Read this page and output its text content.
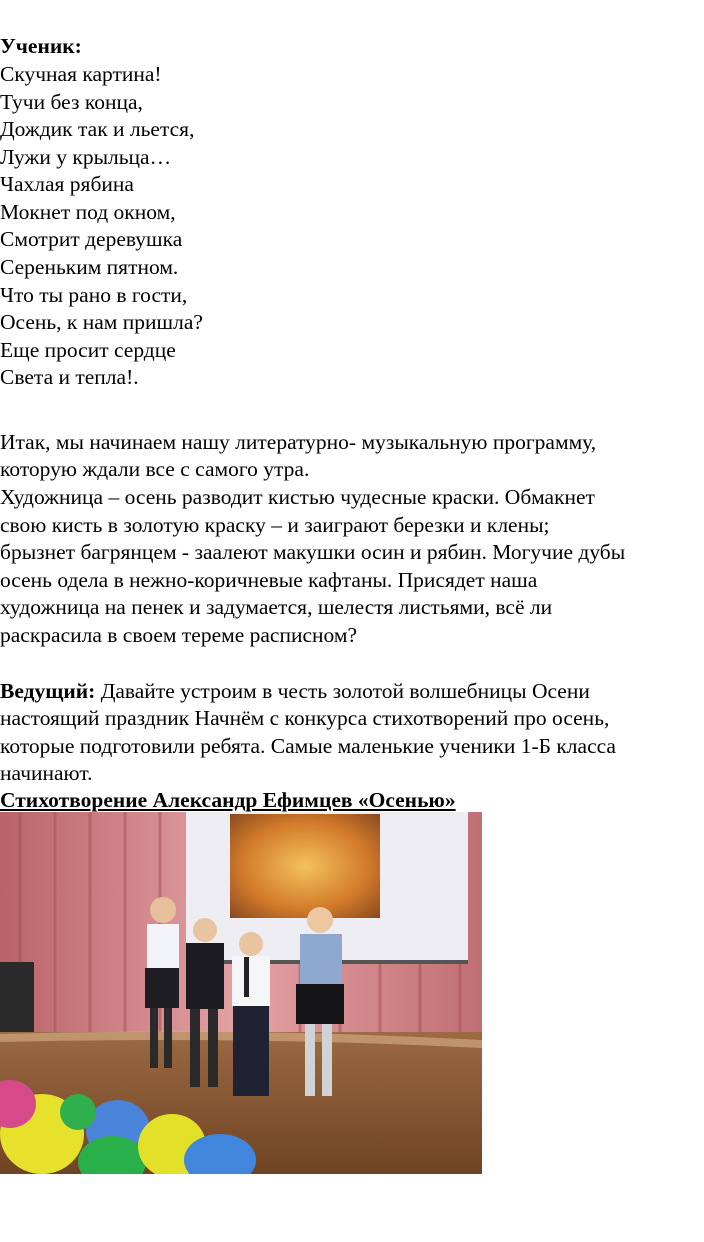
Ученик:
Скучная картина!
Тучи без конца,
Дождик так и льется,
Лужи у крыльца…
Чахлая рябина
Мокнет под окном,
Смотрит деревушка
Сереньким пятном.
Что ты рано в гости,
Осень, к нам пришла?
Еще просит сердце
Света и тепла!.
Итак, мы начинаем нашу литературно- музыкальную программу,
которую ждали все с самого утра.
Художница – осень разводит кистью чудесные краски. Обмакнет
свою кисть в золотую краску – и заиграют березки и клены;
брызнет багрянцем - заалеют макушки осин и рябин. Могучие дубы
осень одела в нежно-коричневые кафтаны. Присядет наша
художница на пенек и задумается, шелестя листьями, всё ли
раскрасила в своем тереме расписном?
Ведущий: Давайте устроим в честь золотой волшебницы Осени
настоящий праздник Начнём с конкурса стихотворений про осень,
которые подготовили ребята. Самые маленькие ученики 1-Б класса
начинают.
Стихотворение Александр Ефимцев «Осенью»
